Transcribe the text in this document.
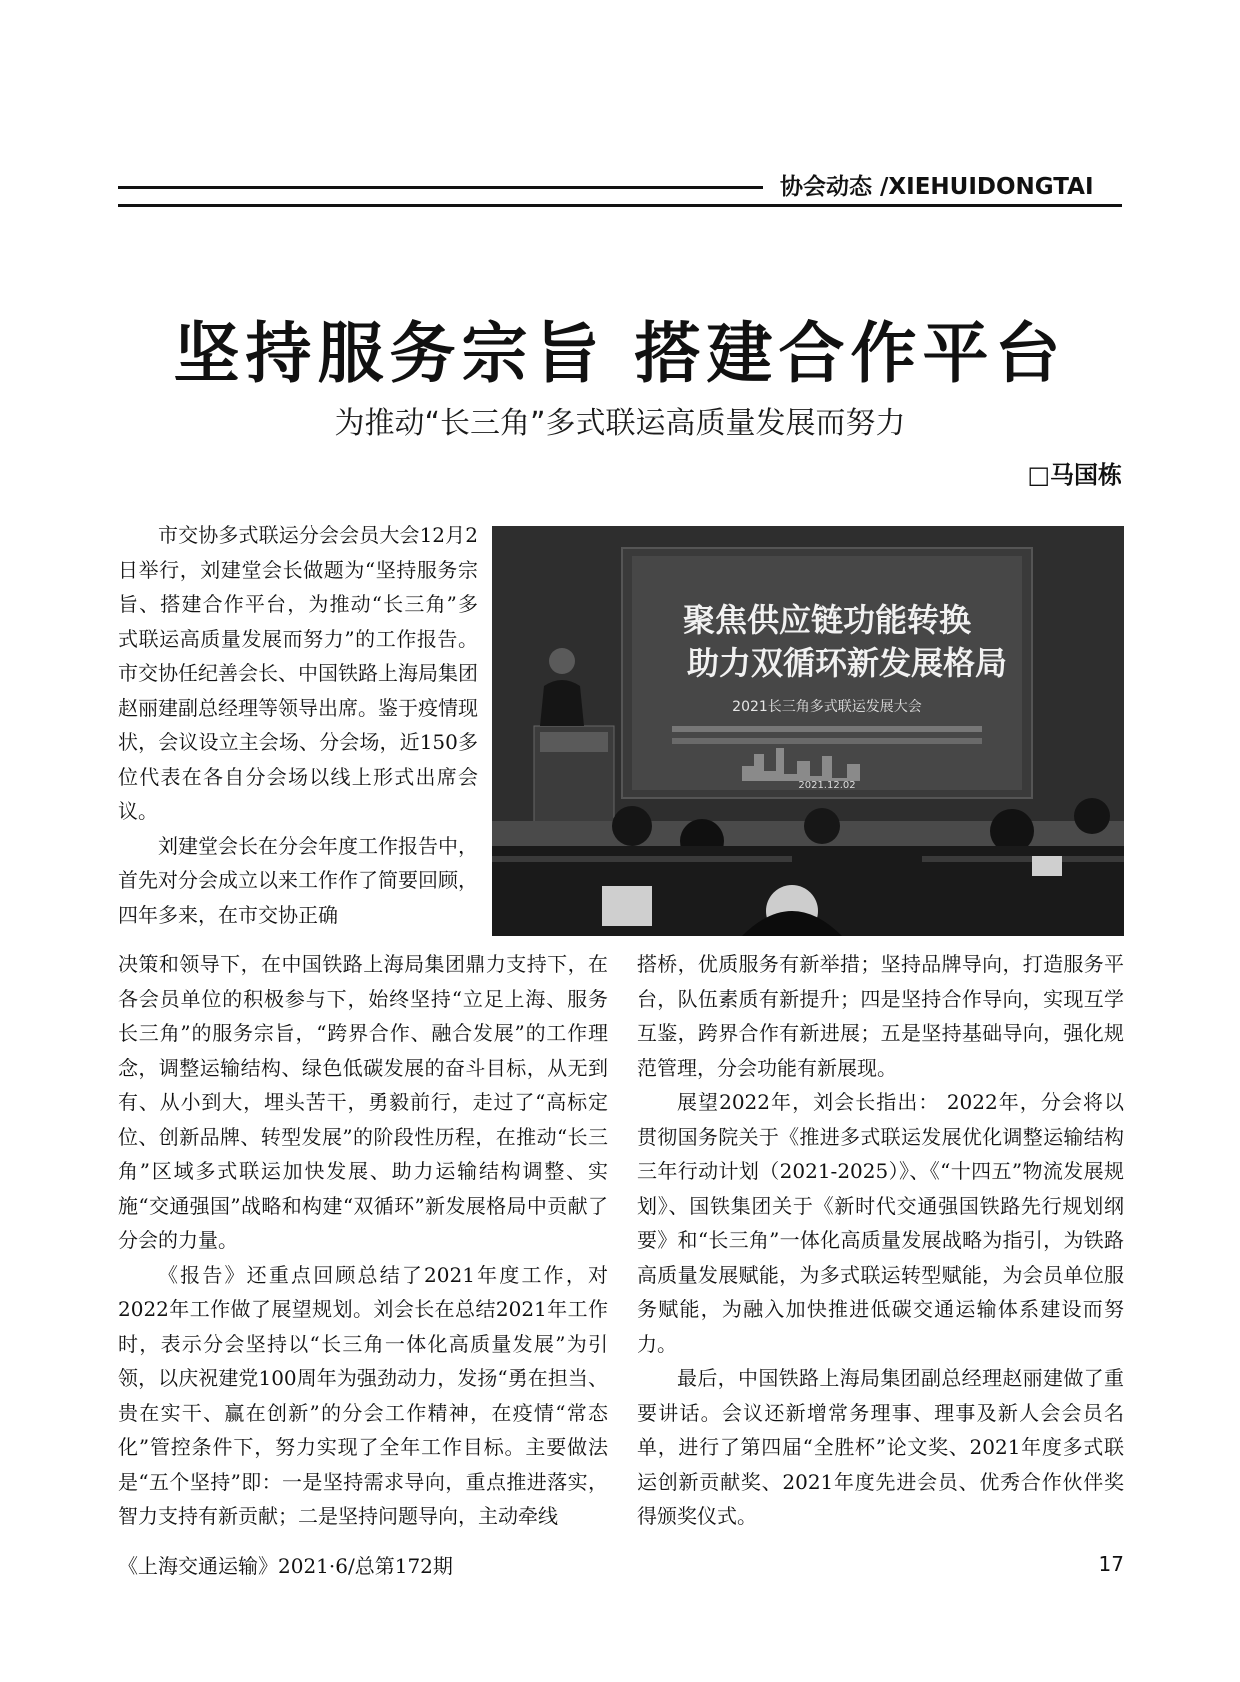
协会动态 /XIEHUIDONGTAI
坚持服务宗旨 搭建合作平台
为推动“长三角”多式联运高质量发展而努力
□马国栋

市交协多式联运分会会员大会12月2日举行，刘建堂会长做题为“坚持服务宗旨、搭建合作平台，为推动“长三角”多式联运高质量发展而努力”的工作报告。市交协任纪善会长、中国铁路上海局集团赵丽建副总经理等领导出席。鉴于疫情现状，会议设立主会场、分会场，近150多位代表在各自分会场以线上形式出席会议。

刘建堂会长在分会年度工作报告中，首先对分会成立以来工作作了简要回顾，四年多来，在市交协正确

聚焦供应链功能转换
助力双循环新发展格局
2021长三角多式联运发展大会
2021.12.02

决策和领导下，在中国铁路上海局集团鼎力支持下，在各会员单位的积极参与下，始终坚持“立足上海、服务长三角”的服务宗旨，“跨界合作、融合发展”的工作理念，调整运输结构、绿色低碳发展的奋斗目标，从无到有、从小到大，埋头苦干，勇毅前行，走过了“高标定位、创新品牌、转型发展”的阶段性历程，在推动“长三角”区域多式联运加快发展、助力运输结构调整、实施“交通强国”战略和构建“双循环”新发展格局中贡献了分会的力量。

《报告》还重点回顾总结了2021年度工作，对2022年工作做了展望规划。刘会长在总结2021年工作时，表示分会坚持以“长三角一体化高质量发展”为引领，以庆祝建党100周年为强劲动力，发扬“勇在担当、贵在实干、赢在创新”的分会工作精神，在疫情“常态化”管控条件下，努力实现了全年工作目标。主要做法是“五个坚持”即：一是坚持需求导向，重点推进落实，智力支持有新贡献；二是坚持问题导向，主动牵线

搭桥，优质服务有新举措；坚持品牌导向，打造服务平台，队伍素质有新提升；四是坚持合作导向，实现互学互鉴，跨界合作有新进展；五是坚持基础导向，强化规范管理，分会功能有新展现。

展望2022年，刘会长指出： 2022年，分会将以贯彻国务院关于《推进多式联运发展优化调整运输结构三年行动计划（2021-2025）》、《“十四五”物流发展规划》、国铁集团关于《新时代交通强国铁路先行规划纲要》和“长三角”一体化高质量发展战略为指引，为铁路高质量发展赋能，为多式联运转型赋能，为会员单位服务赋能，为融入加快推进低碳交通运输体系建设而努力。

最后，中国铁路上海局集团副总经理赵丽建做了重要讲话。会议还新增常务理事、理事及新人会会员名单，进行了第四届“全胜杯”论文奖、2021年度多式联运创新贡献奖、2021年度先进会员、优秀合作伙伴奖得颁奖仪式。

《上海交通运输》2021·6/总第172期	17
